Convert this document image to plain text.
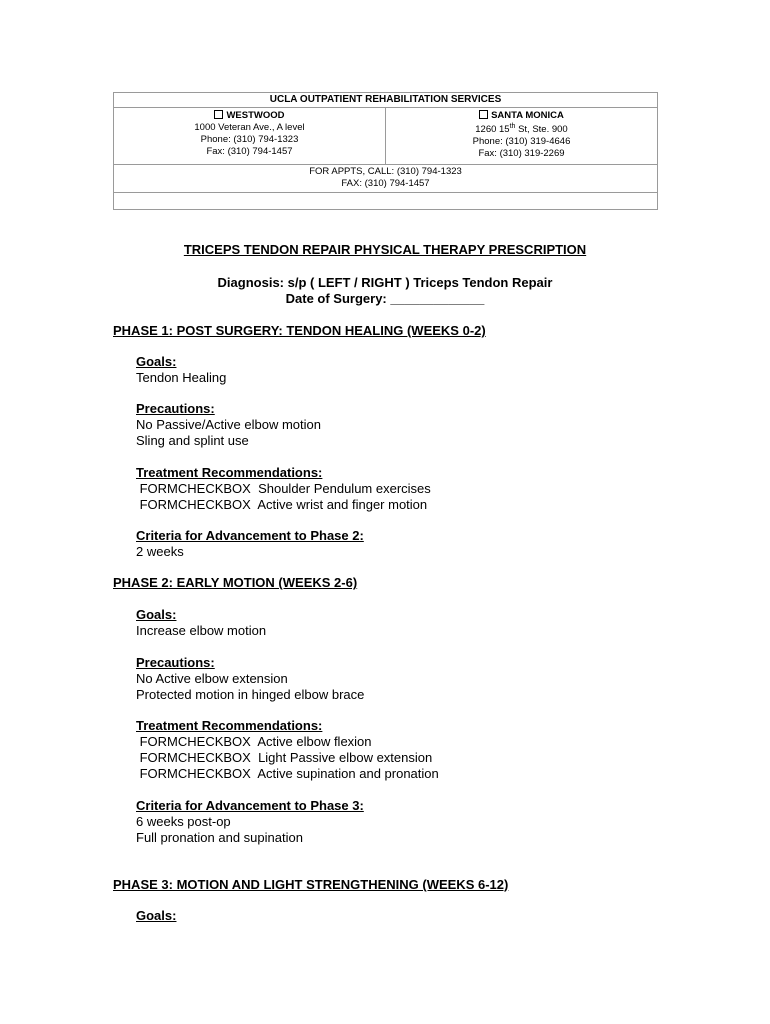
UCLA OUTPATIENT REHABILITATION SERVICES

WESTWOOD
1000 Veteran Ave., A level
Phone: (310) 794-1323
Fax: (310) 794-1457

SANTA MONICA
1260 15th St, Ste. 900
Phone: (310) 319-4646
Fax: (310) 319-2269

FOR APPTS, CALL: (310) 794-1323
FAX: (310) 794-1457

TRICEPS TENDON REPAIR PHYSICAL THERAPY PRESCRIPTION
Diagnosis: s/p ( LEFT / RIGHT ) Triceps Tendon Repair
Date of Surgery: _____________
PHASE 1: POST SURGERY: TENDON HEALING (WEEKS 0-2)
Goals:
Tendon Healing
Precautions:
No Passive/Active elbow motion
Sling and splint use
Treatment Recommendations:
FORMCHECKBOX  Shoulder Pendulum exercises
FORMCHECKBOX  Active wrist and finger motion
Criteria for Advancement to Phase 2:
2 weeks
PHASE 2: EARLY MOTION (WEEKS 2-6)
Goals:
Increase elbow motion
Precautions:
No Active elbow extension
Protected motion in hinged elbow brace
Treatment Recommendations:
FORMCHECKBOX  Active elbow flexion
FORMCHECKBOX  Light Passive elbow extension
FORMCHECKBOX  Active supination and pronation
Criteria for Advancement to Phase 3:
6 weeks post-op
Full pronation and supination
PHASE 3: MOTION AND LIGHT STRENGTHENING (WEEKS 6-12)
Goals:
